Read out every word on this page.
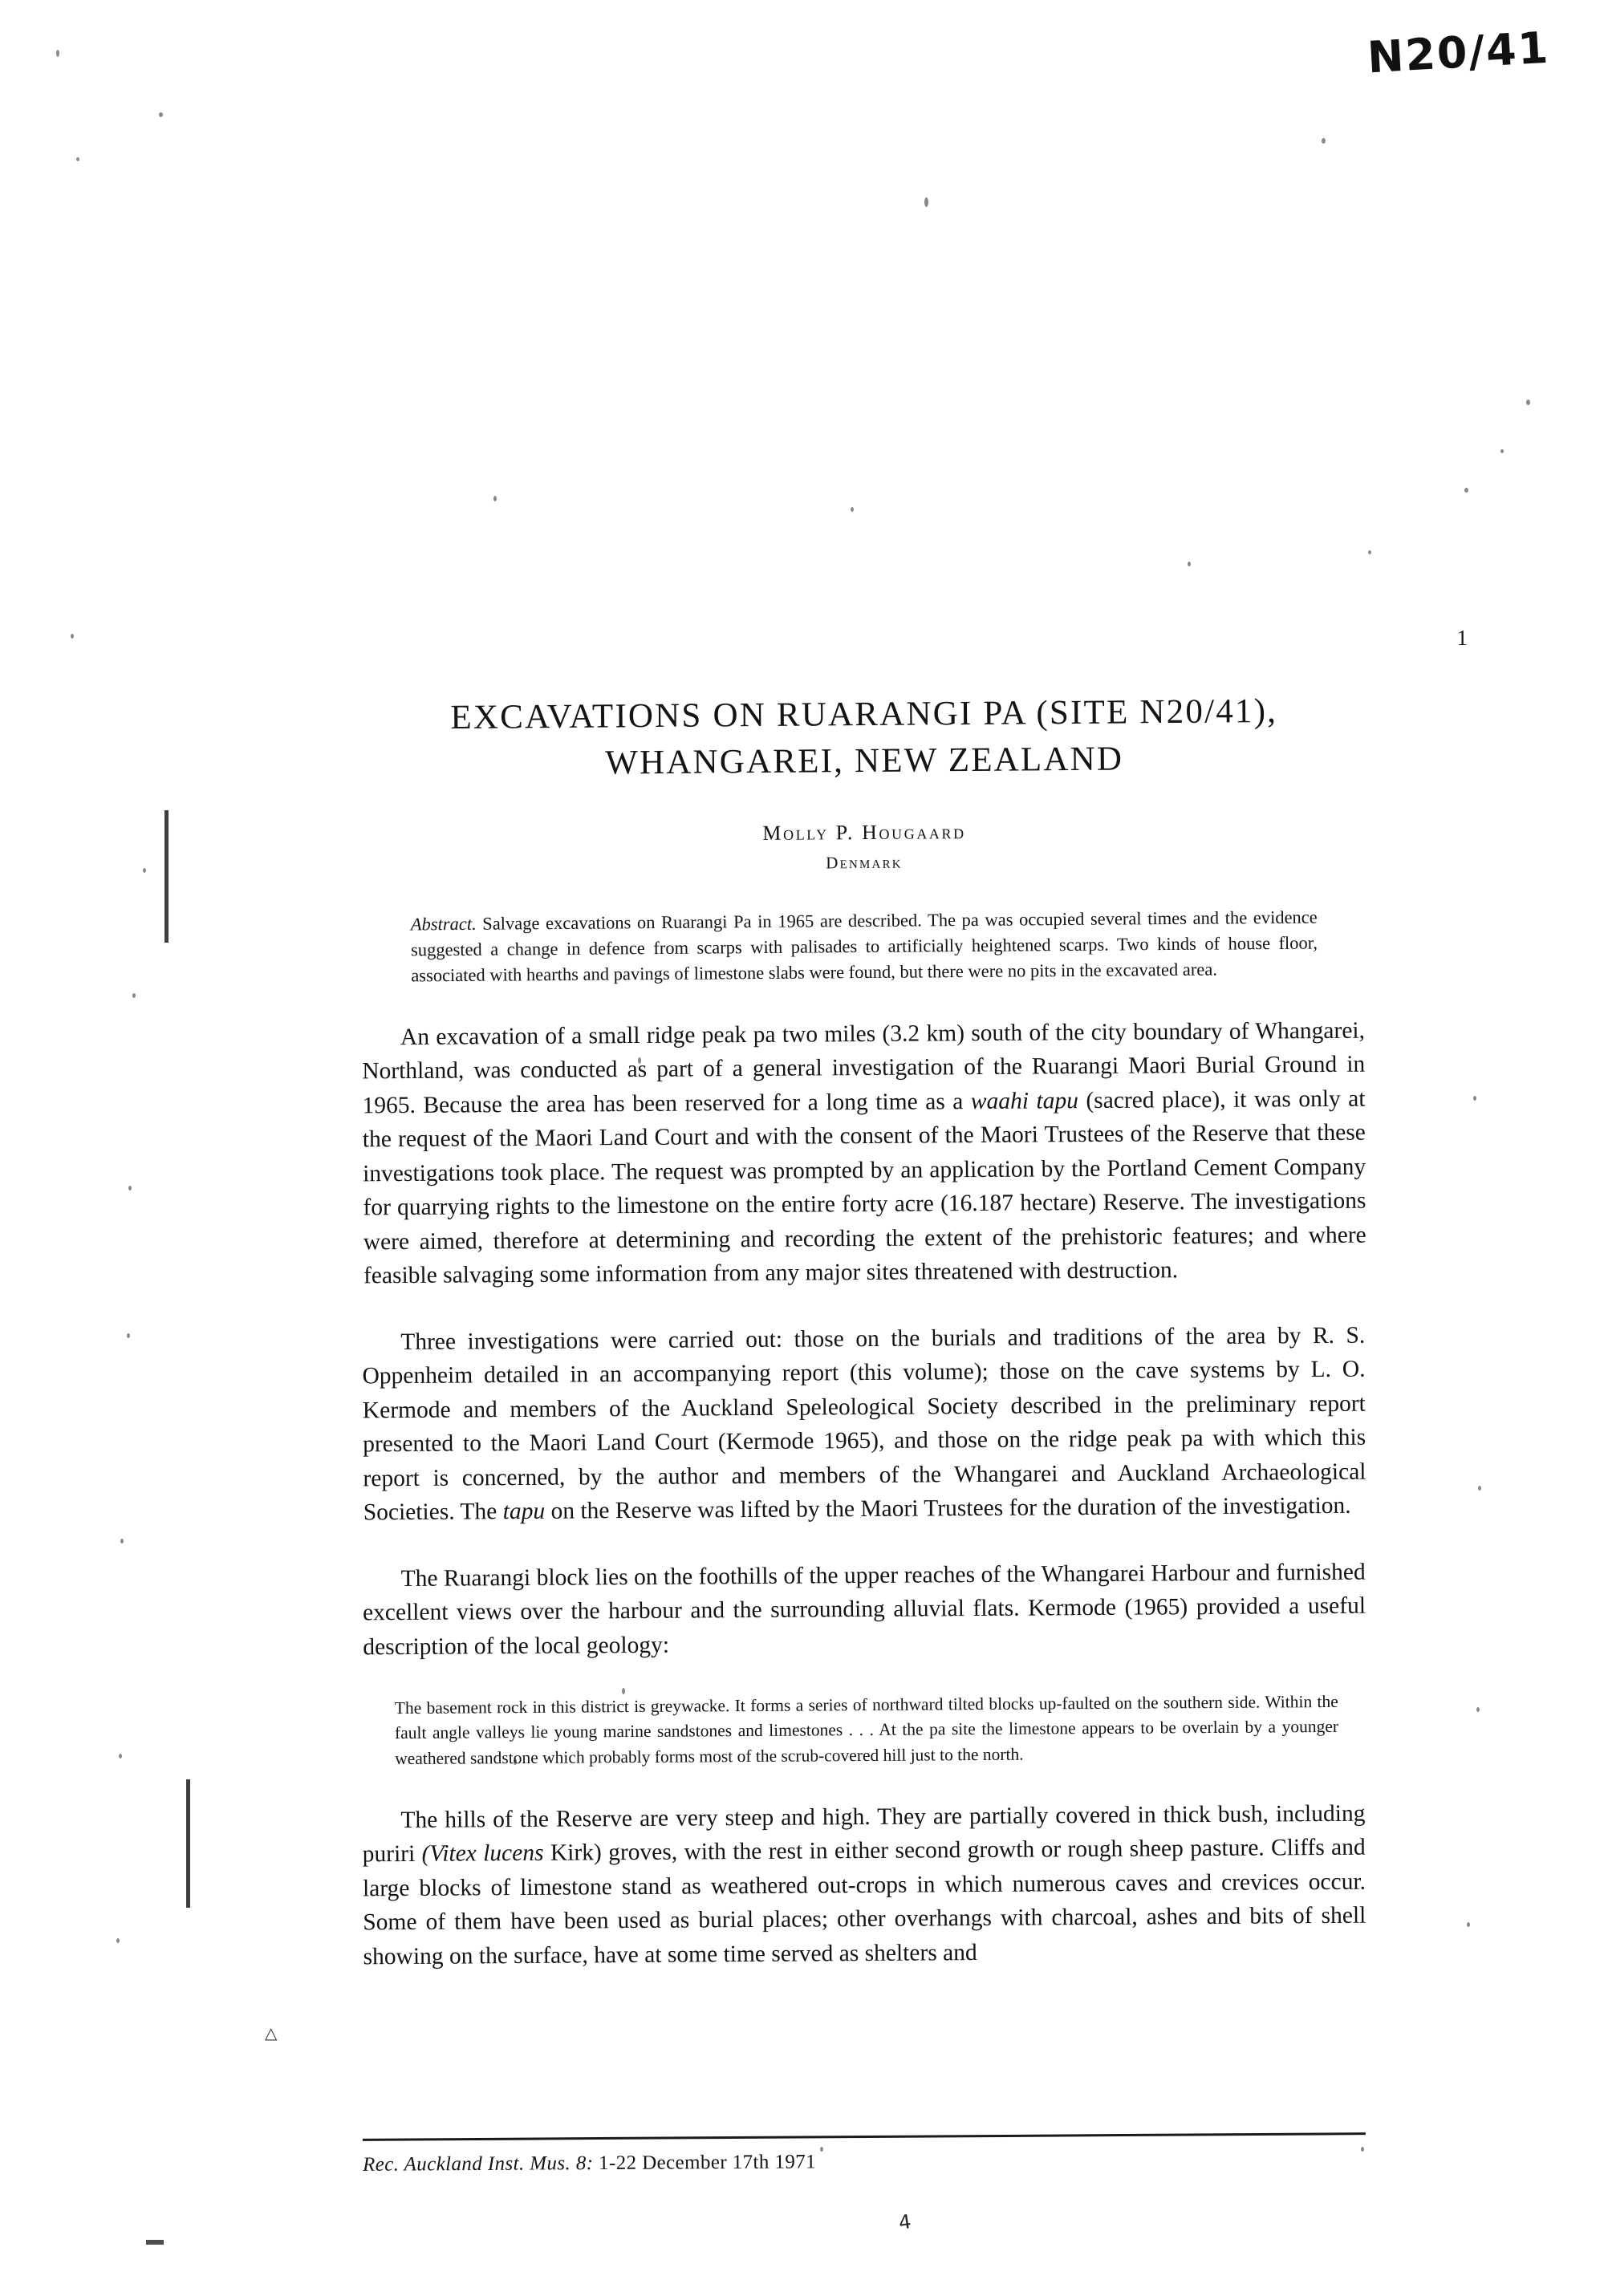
N20/41
1
△
EXCAVATIONS ON RUARANGI PA (SITE N20/41),
WHANGAREI, NEW ZEALAND
Molly P. Hougaard
Denmark
Abstract. Salvage excavations on Ruarangi Pa in 1965 are described. The pa was occupied several times and the evidence suggested a change in defence from scarps with palisades to artificially heightened scarps. Two kinds of house floor, associated with hearths and pavings of limestone slabs were found, but there were no pits in the excavated area.

An excavation of a small ridge peak pa two miles (3.2 km) south of the city boundary of Whangarei, Northland, was conducted as part of a general investigation of the Ruarangi Maori Burial Ground in 1965. Because the area has been reserved for a long time as a waahi tapu (sacred place), it was only at the request of the Maori Land Court and with the consent of the Maori Trustees of the Reserve that these investigations took place. The request was prompted by an application by the Portland Cement Company for quarrying rights to the limestone on the entire forty acre (16.187 hectare) Reserve. The investigations were aimed, therefore at determining and recording the extent of the prehistoric features; and where feasible salvaging some information from any major sites threatened with destruction.

Three investigations were carried out: those on the burials and traditions of the area by R. S. Oppenheim detailed in an accompanying report (this volume); those on the cave systems by L. O. Kermode and members of the Auckland Speleological Society described in the preliminary report presented to the Maori Land Court (Kermode 1965), and those on the ridge peak pa with which this report is concerned, by the author and members of the Whangarei and Auckland Archaeological Societies. The tapu on the Reserve was lifted by the Maori Trustees for the duration of the investigation.

The Ruarangi block lies on the foothills of the upper reaches of the Whangarei Harbour and furnished excellent views over the harbour and the surrounding alluvial flats. Kermode (1965) provided a useful description of the local geology:

The basement rock in this district is greywacke. It forms a series of northward tilted blocks up-faulted on the southern side. Within the fault angle valleys lie young marine sandstones and limestones . . . At the pa site the limestone appears to be overlain by a younger weathered sandstone which probably forms most of the scrub-covered hill just to the north.

The hills of the Reserve are very steep and high. They are partially covered in thick bush, including puriri (Vitex lucens Kirk) groves, with the rest in either second growth or rough sheep pasture. Cliffs and large blocks of limestone stand as weathered out-crops in which numerous caves and crevices occur. Some of them have been used as burial places; other overhangs with charcoal, ashes and bits of shell showing on the surface, have at some time served as shelters and

Rec. Auckland Inst. Mus. 8: 1-22 December 17th 1971
4
